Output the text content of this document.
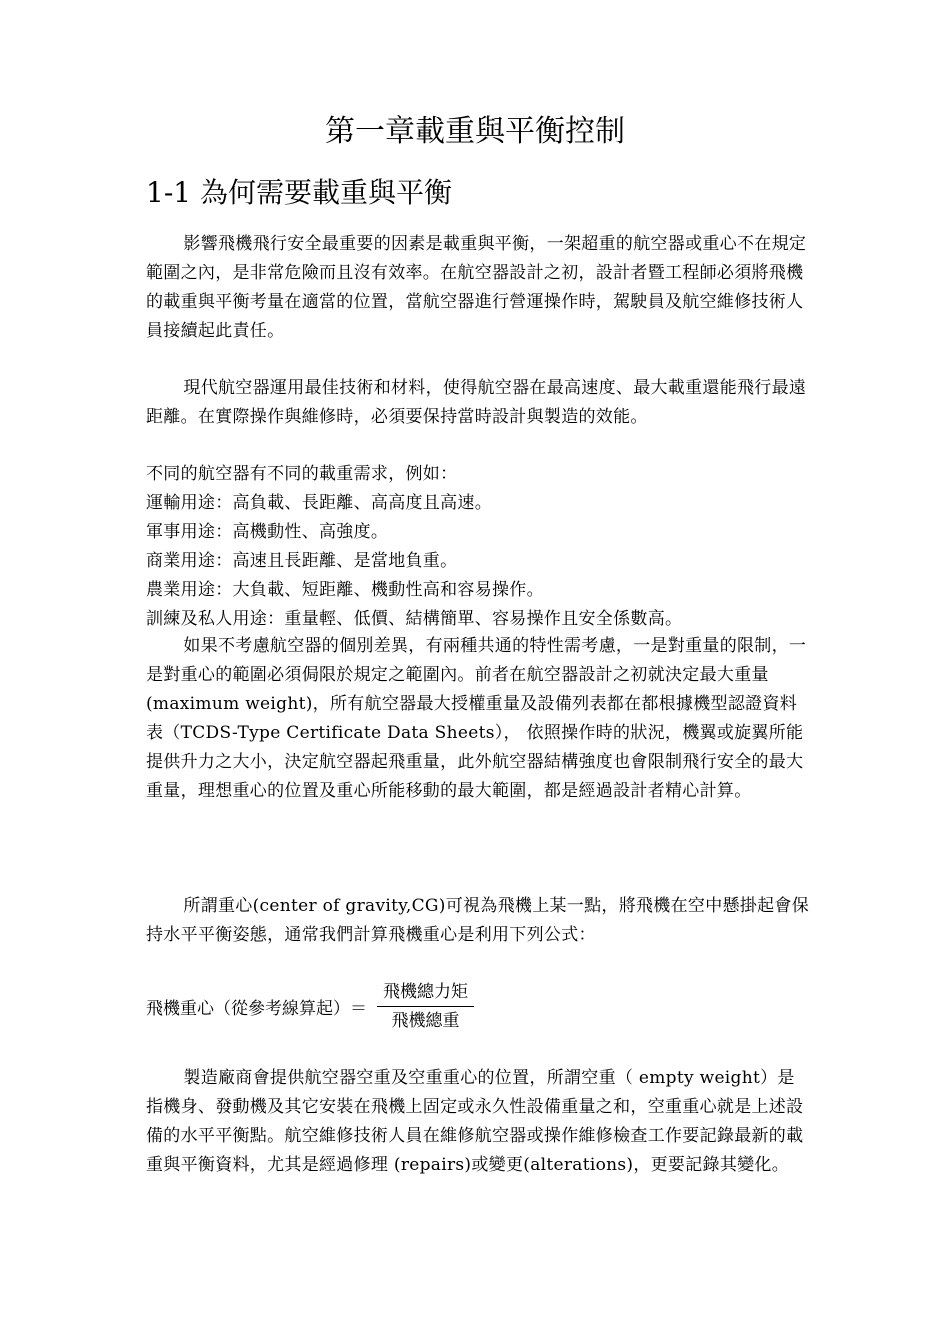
第一章載重與平衡控制
1-1 為何需要載重與平衡

影響飛機飛行安全最重要的因素是載重與平衡，一架超重的航空器或重心不在規定範圍之內，是非常危險而且沒有效率。在航空器設計之初，設計者暨工程師必須將飛機的載重與平衡考量在適當的位置，當航空器進行營運操作時，駕駛員及航空維修技術人員接續起此責任。

現代航空器運用最佳技術和材料，使得航空器在最高速度、最大載重還能飛行最遠距離。在實際操作與維修時，必須要保持當時設計與製造的效能。

不同的航空器有不同的載重需求，例如：
運輸用途：高負載、長距離、高高度且高速。
軍事用途：高機動性、高強度。
商業用途：高速且長距離、是當地負重。
農業用途：大負載、短距離、機動性高和容易操作。
訓練及私人用途：重量輕、低價、結構簡單、容易操作且安全係數高。

如果不考慮航空器的個別差異，有兩種共通的特性需考慮，一是對重量的限制，一是對重心的範圍必須侷限於規定之範圍內。前者在航空器設計之初就決定最大重量(maximum weight)，所有航空器最大授權重量及設備列表都在都根據機型認證資料表（TCDS-Type Certificate Data Sheets）， 依照操作時的狀況，機翼或旋翼所能提供升力之大小，決定航空器起飛重量，此外航空器結構強度也會限制飛行安全的最大重量，理想重心的位置及重心所能移動的最大範圍，都是經過設計者精心計算。

所謂重心(center of gravity,CG)可視為飛機上某一點，將飛機在空中懸掛起會保持水平平衡姿態，通常我們計算飛機重心是利用下列公式：

飛機重心（從參考線算起）＝ $\frac{\text{飛機總力矩}}{\text{飛機總重}}$

製造廠商會提供航空器空重及空重重心的位置，所謂空重（ empty weight）是指機身、發動機及其它安裝在飛機上固定或永久性設備重量之和，空重重心就是上述設備的水平平衡點。航空維修技術人員在維修航空器或操作維修檢查工作要記錄最新的載重與平衡資料，尤其是經過修理 (repairs)或變更(alterations)，更要記錄其變化。
